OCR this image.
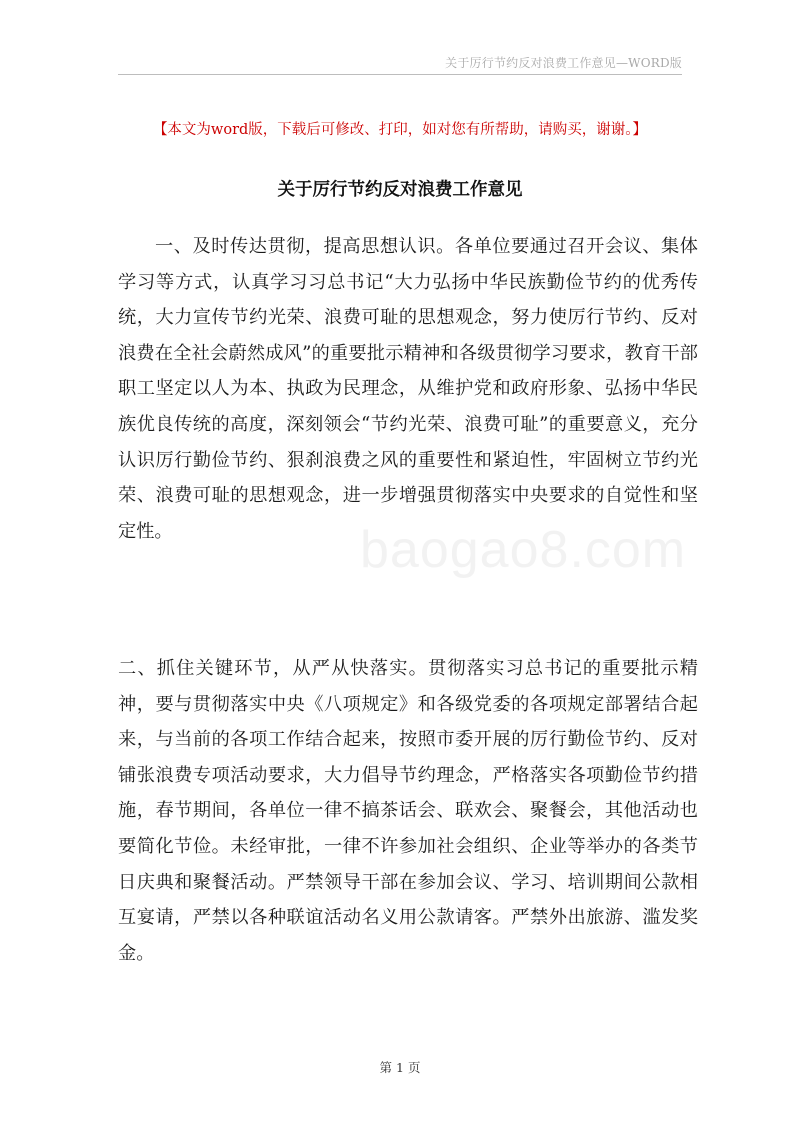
关于厉行节约反对浪费工作意见—WORD版
【本文为word版，下载后可修改、打印，如对您有所帮助，请购买，谢谢。】
关于厉行节约反对浪费工作意见
一、及时传达贯彻，提高思想认识。各单位要通过召开会议、集体学习等方式，认真学习习总书记“大力弘扬中华民族勤俭节约的优秀传统，大力宣传节约光荣、浪费可耻的思想观念，努力使厉行节约、反对浪费在全社会蔚然成风”的重要批示精神和各级贯彻学习要求，教育干部职工坚定以人为本、执政为民理念，从维护党和政府形象、弘扬中华民族优良传统的高度，深刻领会“节约光荣、浪费可耻”的重要意义，充分认识厉行勤俭节约、狠刹浪费之风的重要性和紧迫性，牢固树立节约光荣、浪费可耻的思想观念，进一步增强贯彻落实中央要求的自觉性和坚定性。	baogao8.com
二、抓住关键环节，从严从快落实。贯彻落实习总书记的重要批示精神，要与贯彻落实中央《八项规定》和各级党委的各项规定部署结合起来，与当前的各项工作结合起来，按照市委开展的厉行勤俭节约、反对铺张浪费专项活动要求，大力倡导节约理念，严格落实各项勤俭节约措施，春节期间，各单位一律不搞茶话会、联欢会、聚餐会，其他活动也要简化节俭。未经审批，一律不许参加社会组织、企业等举办的各类节日庆典和聚餐活动。严禁领导干部在参加会议、学习、培训期间公款相互宴请，严禁以各种联谊活动名义用公款请客。严禁外出旅游、滥发奖金。
第 1 页
